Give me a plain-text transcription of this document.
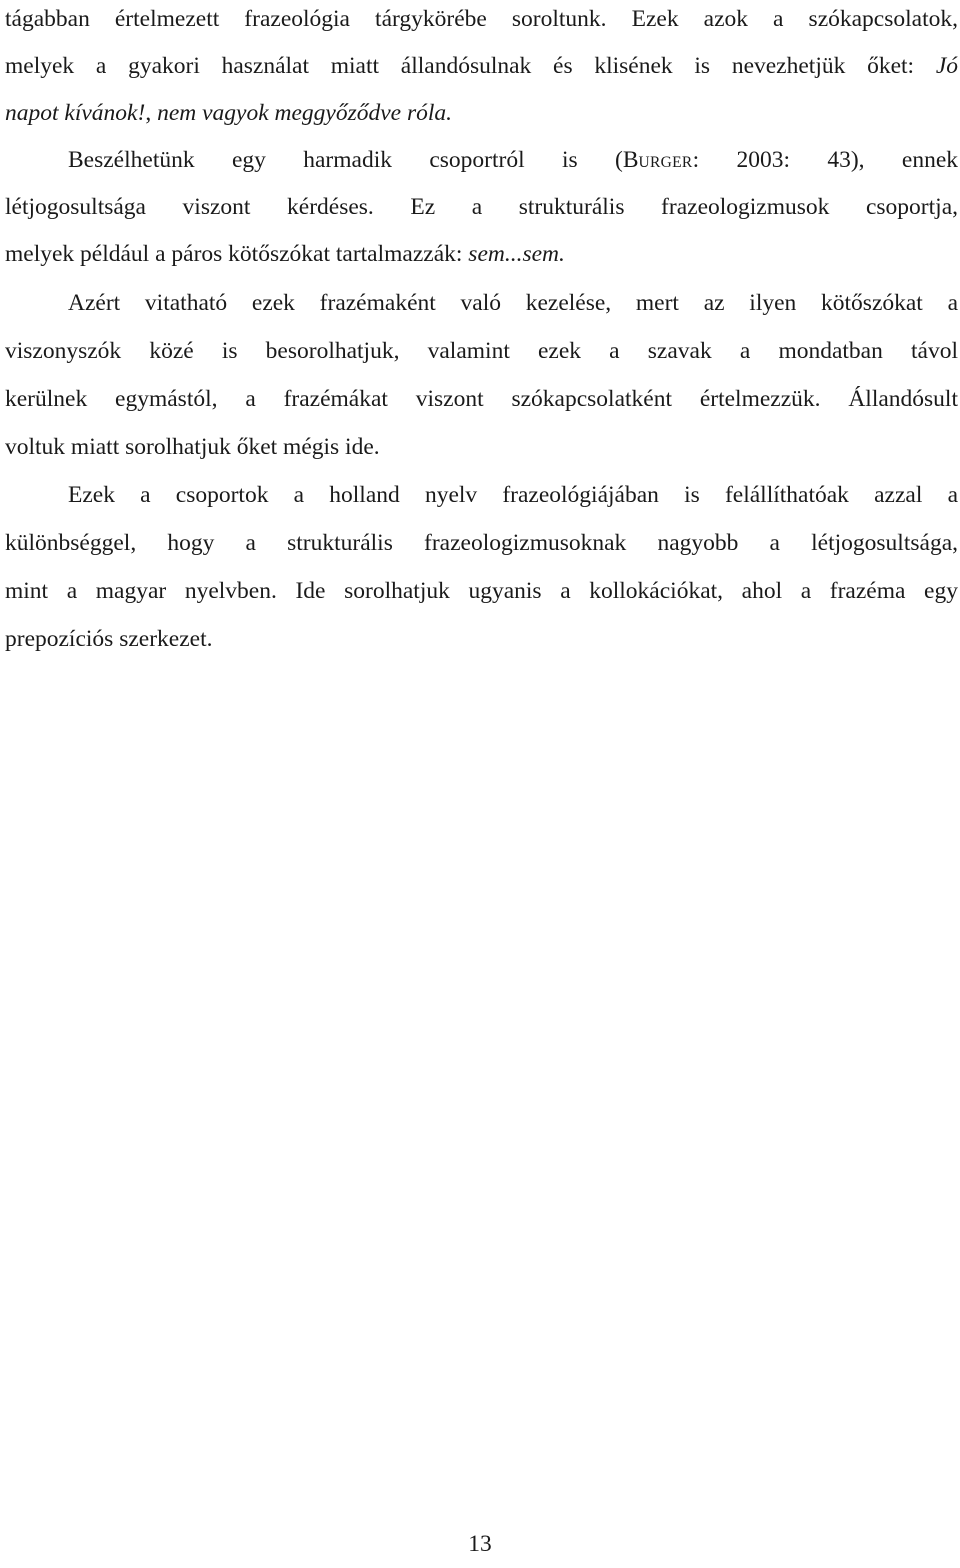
tágabban értelmezett frazeológia tárgykörébe soroltunk. Ezek azok a szókapcsolatok,
melyek a gyakori használat miatt állandósulnak és klisének is nevezhetjük őket: Jó
napot kívánok!, nem vagyok meggyőződve róla.
Beszélhetünk egy harmadik csoportról is (BURGER: 2003: 43), ennek
létjogosultsága viszont kérdéses. Ez a strukturális frazeologizmusok csoportja,
melyek például a páros kötőszókat tartalmazzák: sem...sem.
Azért vitatható ezek frazémaként való kezelése, mert az ilyen kötőszókat a
viszonyszók közé is besorolhatjuk, valamint ezek a szavak a mondatban távol
kerülnek egymástól, a frazémákat viszont szókapcsolatként értelmezzük. Állandósult
voltuk miatt sorolhatjuk őket mégis ide.
Ezek a csoportok a holland nyelv frazeológiájában is felállíthatóak azzal a
különbséggel, hogy a strukturális frazeologizmusoknak nagyobb a létjogosultsága,
mint a magyar nyelvben. Ide sorolhatjuk ugyanis a kollokációkat, ahol a frazéma egy
prepozíciós szerkezet.
13
